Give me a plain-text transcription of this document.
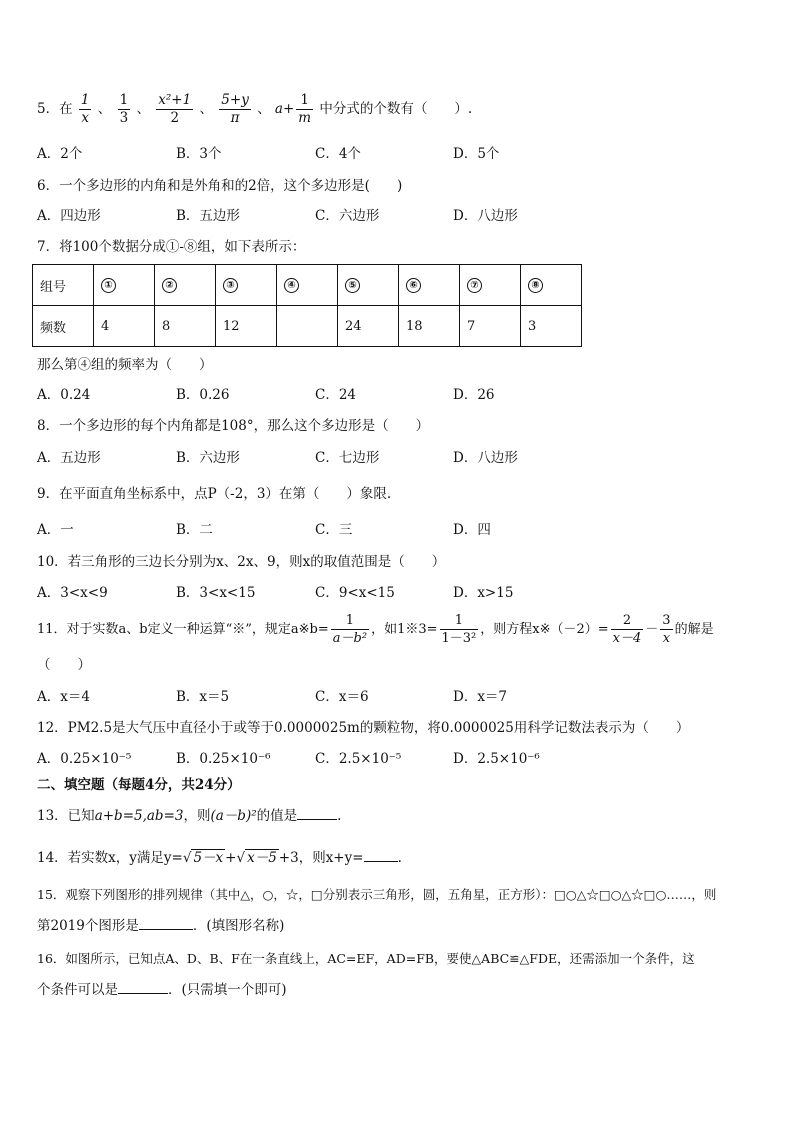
5．在 $\frac{1}{x}$ 、 $\frac{1}{3}$ 、 $\frac{\text{x²+1}}{2}$ 、 $\frac{5+y}{\pi}$ 、 $a+ \frac{1}{m}$ 中分式的个数有（　　）.
A．2个	B．3个	C．4个	D．5个
6．一个多边形的内角和是外角和的2倍，这个多边形是(　　)
A．四边形	B．五边形	C．六边形	D．八边形
7．将100个数据分成①-⑧组，如下表所示：
组号	①	②	③	④	⑤	⑥	⑦	⑧
频数	4	8	12		24	18	7	3
那么第④组的频率为（　　）
A．0.24	B．0.26	C．24	D．26
8．一个多边形的每个内角都是108°，那么这个多边形是（　　）
A．五边形	B．六边形	C．七边形	D．八边形
9．在平面直角坐标系中，点P（-2，3）在第（　　）象限.
A．一	B．二	C．三	D．四
10．若三角形的三边长分别为x、2x、9，则x的取值范围是（　　）
A．3<x<9	B．3<x<15	C．9<x<15	D．x>15
11．对于实数a、b定义一种运算“※”，规定a※b= $\frac{1}{\text{a－b²}}$ ，如1※3= $\frac{1}{\text{1－3²}}$ ，则方程x※（－2）= $\frac{2}{x-4} - \frac{3}{x}$ 的解是
（　　）
A．x＝4	B．x＝5	C．x＝6	D．x＝7
12．PM2.5是大气压中直径小于或等于0.0000025m的颗粒物，将0.0000025用科学记数法表示为（　　）
A．0.25×10⁻⁵	B．0.25×10⁻⁶	C．2.5×10⁻⁵	D．2.5×10⁻⁶
二、填空题（每题4分，共24分）
13．已知a+b=5,ab=3，则(a－b)²的值是	.
14．若实数x，y满足y=√ 5－x +√ x－5 +3，则x+y=	.
15．观察下列图形的排列规律（其中△，○，☆，□分别表示三角形，圆，五角星，正方形）：□○△☆□○△☆□○……，则
第2019个图形是	．(填图形名称)
16．如图所示，已知点A、D、B、F在一条直线上，AC=EF，AD=FB，要使△ABC≌△FDE，还需添加一个条件，这
个条件可以是	．(只需填一个即可)
